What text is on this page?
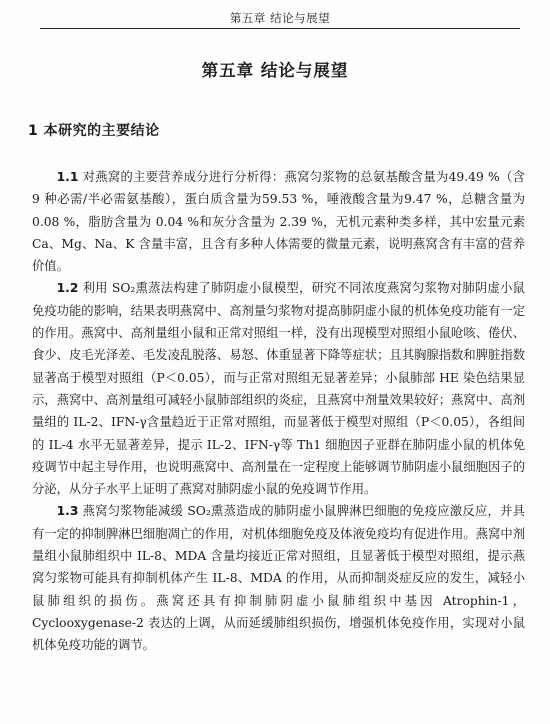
第五章 结论与展望
第五章 结论与展望
1 本研究的主要结论

1.1 对燕窝的主要营养成分进行分析得：燕窝匀浆物的总氨基酸含量为49.49 %（含 9 种必需/半必需氨基酸），蛋白质含量为59.53 %，唾液酸含量为9.47 %，总糖含量为 0.08 %，脂肪含量为 0.04 %和灰分含量为 2.39 %，无机元素种类多样，其中宏量元素 Ca、Mg、Na、K 含量丰富，且含有多种人体需要的微量元素，说明燕窝含有丰富的营养价值。

1.2 利用 SO₂熏蒸法构建了肺阴虚小鼠模型，研究不同浓度燕窝匀浆物对肺阴虚小鼠免疫功能的影响，结果表明燕窝中、高剂量匀浆物对提高肺阴虚小鼠的机体免疫功能有一定的作用。燕窝中、高剂量组小鼠和正常对照组一样，没有出现模型对照组小鼠呛咳、倦伏、食少、皮毛光泽差、毛发凌乱脱落、易怒、体重显著下降等症状；且其胸腺指数和脾脏指数显著高于模型对照组（P＜0.05），而与正常对照组无显著差异；小鼠肺部 HE 染色结果显示，燕窝中、高剂量组可减轻小鼠肺部组织的炎症，且燕窝中剂量效果较好；燕窝中、高剂量组的 IL-2、IFN-γ含量趋近于正常对照组，而显著低于模型对照组（P＜0.05），各组间的 IL-4 水平无显著差异，提示 IL-2、IFN-γ等 Th1 细胞因子亚群在肺阴虚小鼠的机体免疫调节中起主导作用，也说明燕窝中、高剂量在一定程度上能够调节肺阴虚小鼠细胞因子的分泌，从分子水平上证明了燕窝对肺阴虚小鼠的免疫调节作用。

1.3 燕窝匀浆物能减缓 SO₂熏蒸造成的肺阴虚小鼠脾淋巴细胞的免疫应激反应，并具有一定的抑制脾淋巴细胞凋亡的作用，对机体细胞免疫及体液免疫均有促进作用。燕窝中剂量组小鼠肺组织中 IL-8、MDA 含量均接近正常对照组，且显著低于模型对照组，提示燕窝匀浆物可能具有抑制机体产生 IL-8、MDA 的作用，从而抑制炎症反应的发生，减轻小鼠肺组织的损伤。燕窝还具有抑制肺阴虚小鼠肺组织中基因 Atrophin-1，Cyclooxygenase-2 表达的上调，从而延缓肺组织损伤，增强机体免疫作用，实现对小鼠机体免疫功能的调节。
